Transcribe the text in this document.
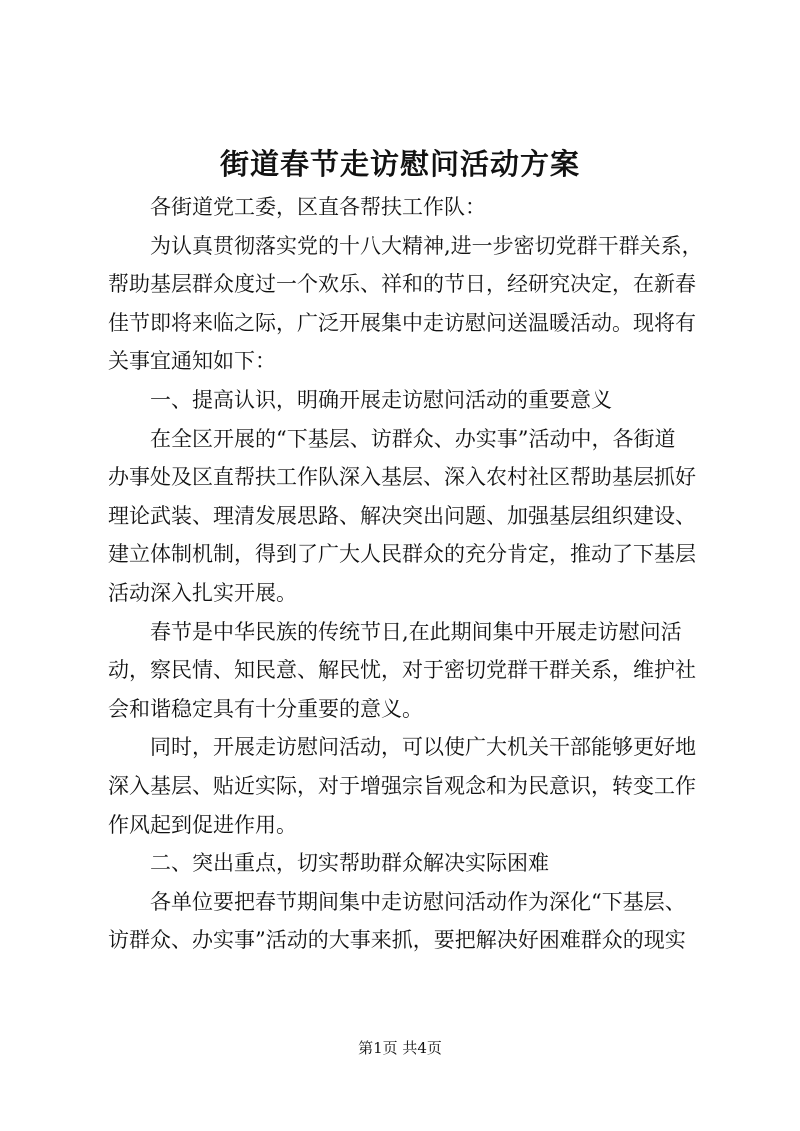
街道春节走访慰问活动方案
各街道党工委，区直各帮扶工作队：
为认真贯彻落实党的十八大精神,进一步密切党群干群关系，
帮助基层群众度过一个欢乐、祥和的节日，经研究决定，在新春
佳节即将来临之际，广泛开展集中走访慰问送温暖活动。现将有
关事宜通知如下：
一、提高认识，明确开展走访慰问活动的重要意义
在全区开展的“下基层、访群众、办实事”活动中，各街道
办事处及区直帮扶工作队深入基层、深入农村社区帮助基层抓好
理论武装、理清发展思路、解决突出问题、加强基层组织建设、
建立体制机制，得到了广大人民群众的充分肯定，推动了下基层
活动深入扎实开展。
春节是中华民族的传统节日,在此期间集中开展走访慰问活
动，察民情、知民意、解民忧，对于密切党群干群关系，维护社
会和谐稳定具有十分重要的意义。
同时，开展走访慰问活动，可以使广大机关干部能够更好地
深入基层、贴近实际，对于增强宗旨观念和为民意识，转变工作
作风起到促进作用。
二、突出重点，切实帮助群众解决实际困难
各单位要把春节期间集中走访慰问活动作为深化“下基层、
访群众、办实事”活动的大事来抓，要把解决好困难群众的现实
第1页 共4页
